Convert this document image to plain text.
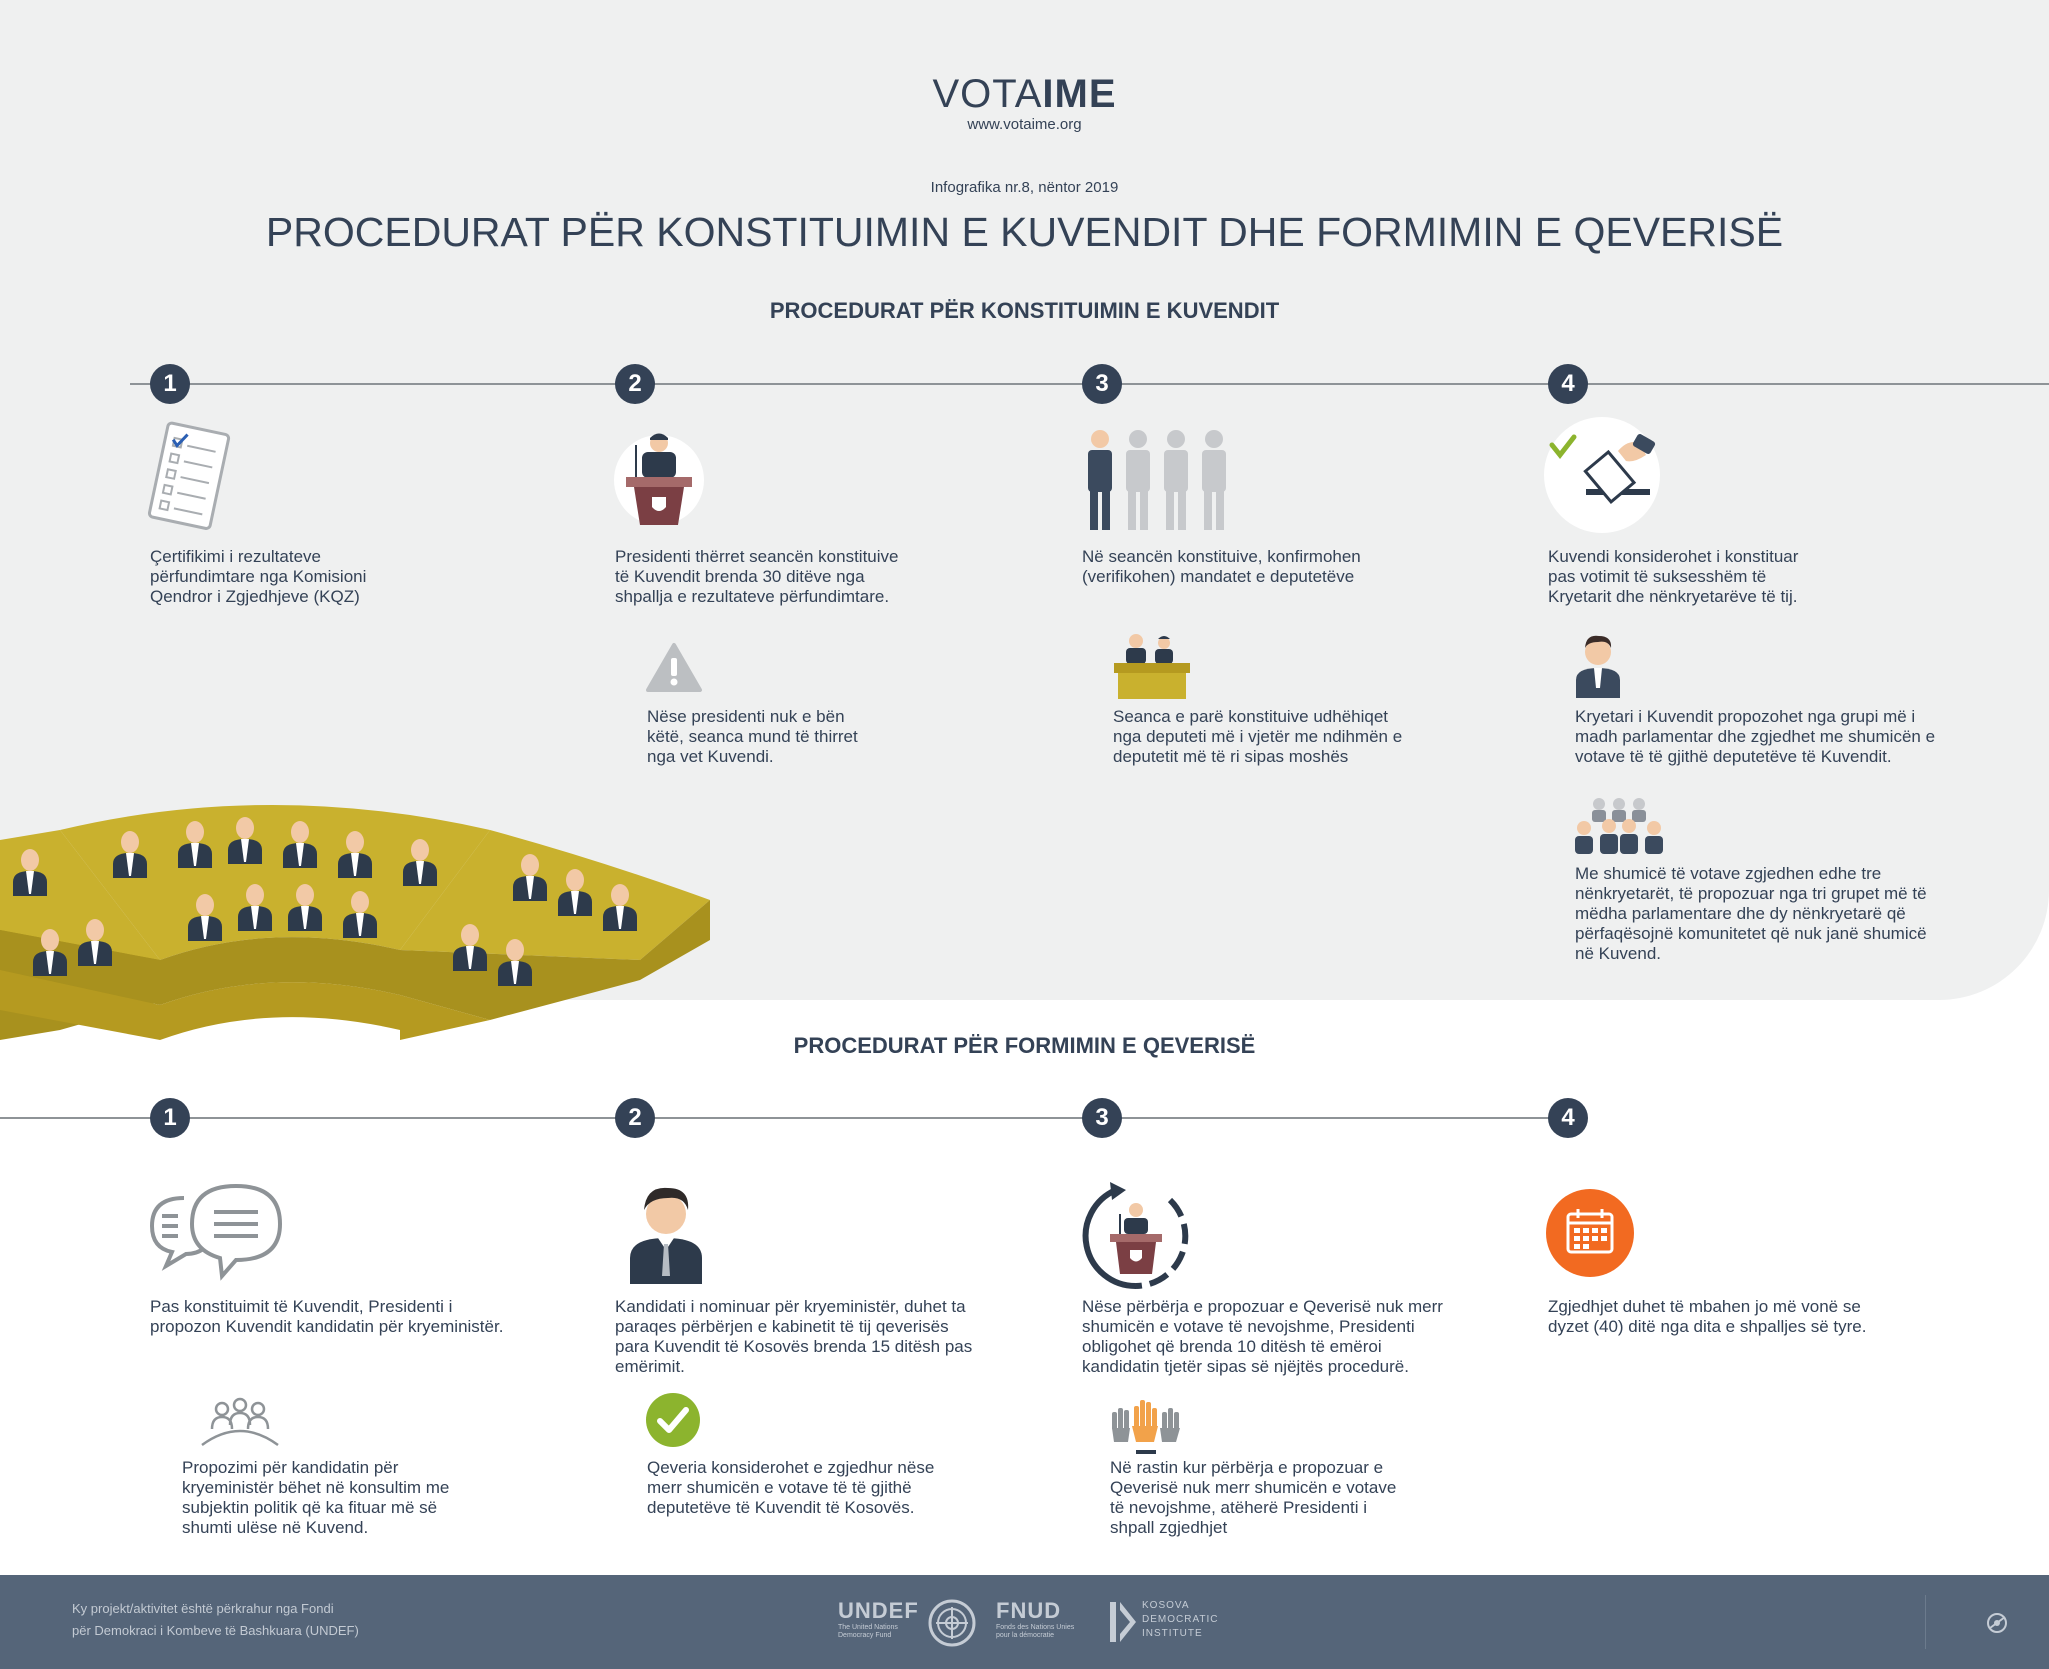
VOTAIME
www.votaime.org
Infografika nr.8, nëntor 2019
PROCEDURAT PËR KONSTITUIMIN E KUVENDIT DHE FORMIMIN E QEVERISË
PROCEDURAT PËR KONSTITUIMIN E KUVENDIT
1	2	3	4
Çertifikimi i rezultateve përfundimtare nga Komisioni Qendror i Zgjedhjeve (KQZ)
Presidenti thërret seancën konstituive të Kuvendit brenda 30 ditëve nga shpallja e rezultateve përfundimtare.
Në seancën konstituive, konfirmohen (verifikohen) mandatet e deputetëve
Kuvendi konsiderohet i konstituar pas votimit të suksesshëm të Kryetarit dhe nënkryetarëve të tij.
Nëse presidenti nuk e bën këtë, seanca mund të thirret nga vet Kuvendi.
Seanca e parë konstituive udhëhiqet nga deputeti më i vjetër me ndihmën e deputetit më të ri sipas moshës
Kryetari i Kuvendit propozohet nga grupi më i madh parlamentar dhe zgjedhet me shumicën e votave të të gjithë deputetëve të Kuvendit.
Me shumicë të votave zgjedhen edhe tre nënkryetarët, të propozuar nga tri grupet më të mëdha parlamentare dhe dy nënkryetarë që përfaqësojnë komunitetet që nuk janë shumicë në Kuvend.
PROCEDURAT PËR FORMIMIN E QEVERISË
1	2	3	4
Pas konstituimit të Kuvendit, Presidenti i propozon Kuvendit kandidatin për kryeministër.
Kandidati i nominuar për kryeministër, duhet ta paraqes përbërjen e kabinetit të tij qeverisës para Kuvendit të Kosovës brenda 15 ditësh pas emërimit.
Nëse përbërja e propozuar e Qeverisë nuk merr shumicën e votave të nevojshme, Presidenti obligohet që brenda 10 ditësh të emëroi kandidatin tjetër sipas së njëjtës procedurë.
Zgjedhjet duhet të mbahen jo më vonë se dyzet (40) ditë nga dita e shpalljes së tyre.
Propozimi për kandidatin për kryeministër bëhet në konsultim me subjektin politik që ka fituar më së shumti ulëse në Kuvend.
Qeveria konsiderohet e zgjedhur nëse merr shumicën e votave të të gjithë deputetëve të Kuvendit të Kosovës.
Në rastin kur përbërja e propozuar e Qeverisë nuk merr shumicën e votave të nevojshme, atëherë Presidenti i shpall zgjedhjet
Ky projekt/aktivitet është përkrahur nga Fondi
për Demokraci i Kombeve të Bashkuara (UNDEF)
UNDEF
The United Nations
Democracy Fund
FNUD
Fonds des Nations Unies
pour la démocratie
KOSOVA
DEMOCRATIC
INSTITUTE
